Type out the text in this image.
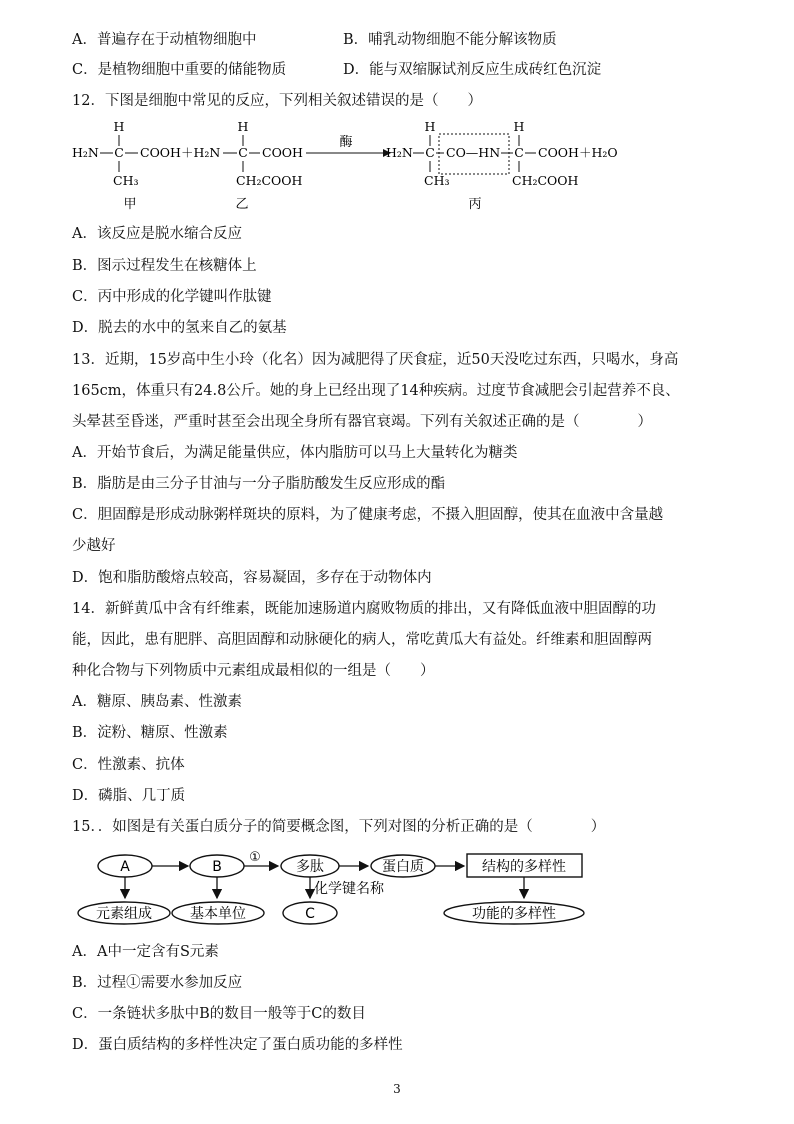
A．普遍存在于动植物细胞中	B．哺乳动物细胞不能分解该物质
C．是植物细胞中重要的储能物质	D．能与双缩脲试剂反应生成砖红色沉淀
12．下图是细胞中常见的反应，下列相关叙述错误的是（　　）
H
H₂N C COOH＋H₂N
CH₃
H
C COOH
CH₂COOH
酶
H
H₂N C CO—HN
CH₃
H
C COOH＋H₂O
CH₂COOH
甲	乙	丙
A．该反应是脱水缩合反应
B．图示过程发生在核糖体上
C．丙中形成的化学键叫作肽键
D．脱去的水中的氢来自乙的氨基
13．近期，15岁高中生小玲（化名）因为减肥得了厌食症，近50天没吃过东西，只喝水，身高
165cm，体重只有24.8公斤。她的身上已经出现了14种疾病。过度节食减肥会引起营养不良、
头晕甚至昏迷，严重时甚至会出现全身所有器官衰竭。下列有关叙述正确的是（　　　　）
A．开始节食后，为满足能量供应，体内脂肪可以马上大量转化为糖类
B．脂肪是由三分子甘油与一分子脂肪酸发生反应形成的酯
C．胆固醇是形成动脉粥样斑块的原料，为了健康考虑，不摄入胆固醇，使其在血液中含量越
少越好
D．饱和脂肪酸熔点较高，容易凝固，多存在于动物体内
14．新鲜黄瓜中含有纤维素，既能加速肠道内腐败物质的排出，又有降低血液中胆固醇的功
能，因此，患有肥胖、高胆固醇和动脉硬化的病人，常吃黄瓜大有益处。纤维素和胆固醇两
种化合物与下列物质中元素组成最相似的一组是（　　）
A．糖原、胰岛素、性激素
B．淀粉、糖原、性激素
C．性激素、抗体
D．磷脂、几丁质
15．．如图是有关蛋白质分子的简要概念图，下列对图的分析正确的是（　　　　）
A	B
①
多肽
化学键名称
蛋白质	结构的多样性
元素组成	基本单位	C	功能的多样性
A．A中一定含有S元素
B．过程①需要水参加反应
C．一条链状多肽中B的数目一般等于C的数目
D．蛋白质结构的多样性决定了蛋白质功能的多样性
3
